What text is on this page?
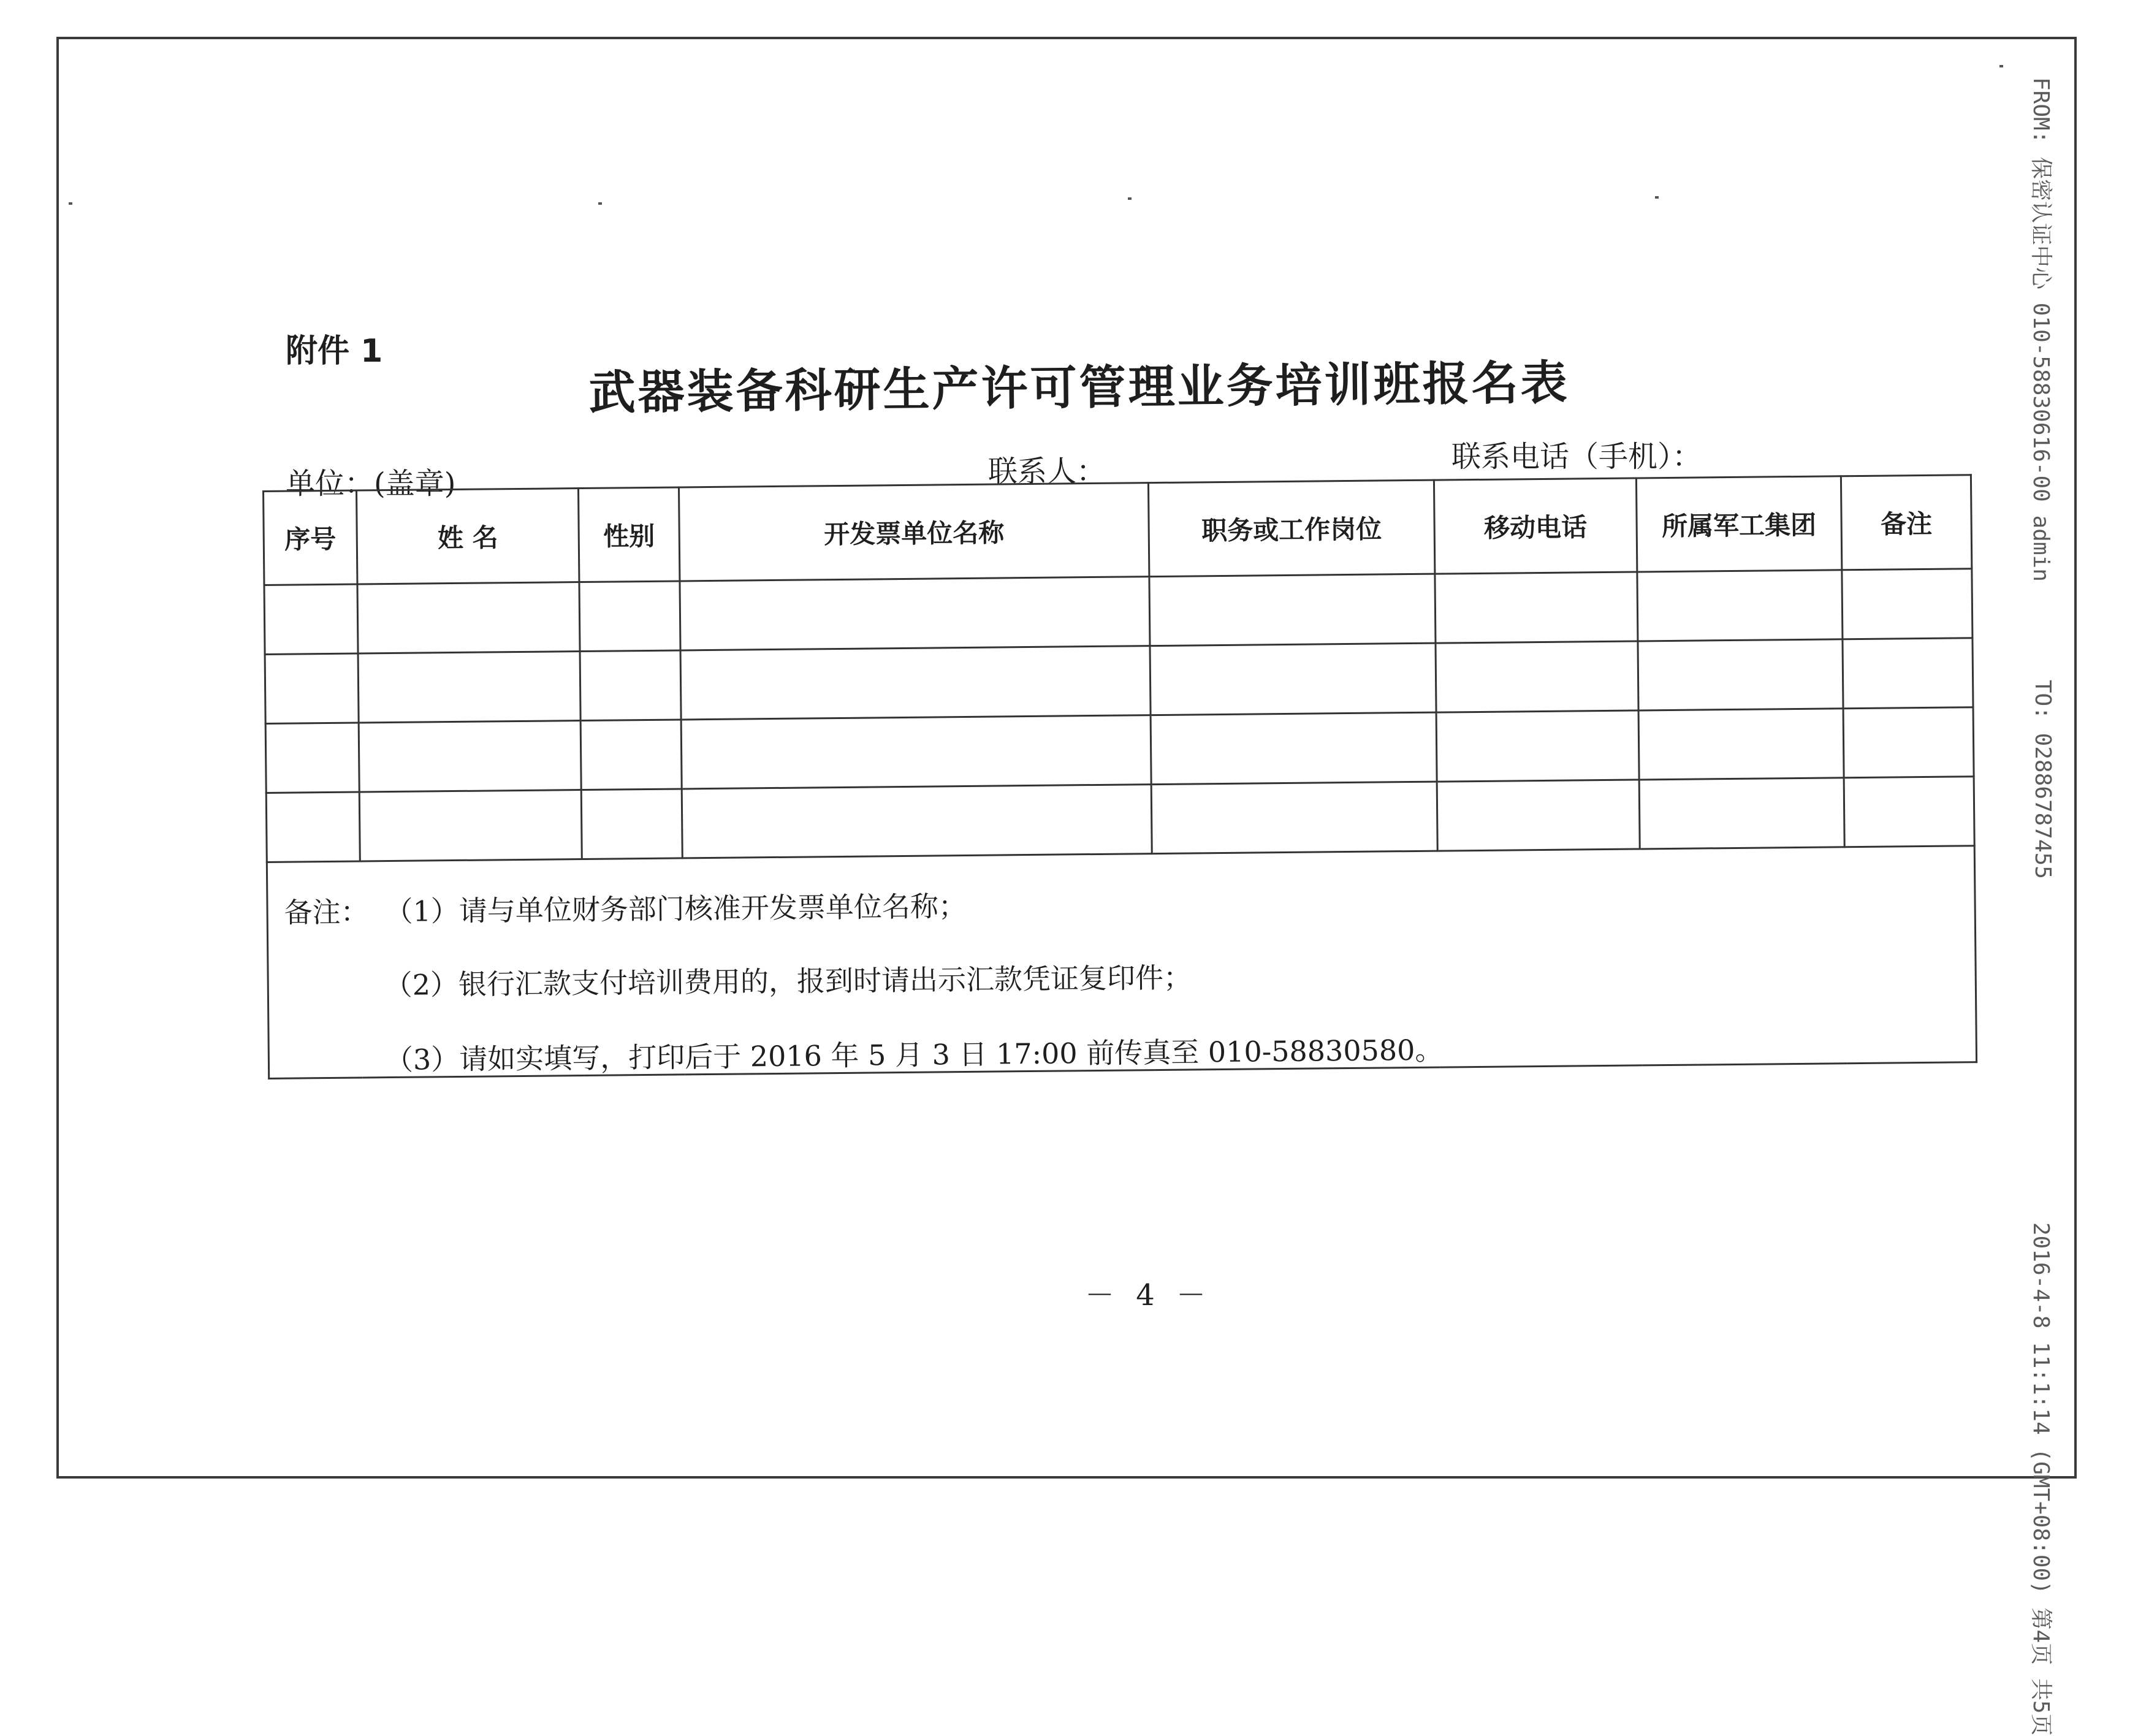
FROM: 保密认证中心 010-58830616-00 admin
TO: 02886787455
2016-4-8 11:1:14 (GMT+08:00) 第4页 共5页
附件 1
武器装备科研生产许可管理业务培训班报名表
单位：(盖章)	联系人：	联系电话（手机）：
序号	姓 名	性别	开发票单位名称	职务或工作岗位	移动电话	所属军工集团	备注

备注： （1）请与单位财务部门核准开发票单位名称；
（2）银行汇款支付培训费用的，报到时请出示汇款凭证复印件；
（3）请如实填写，打印后于 2016 年 5 月 3 日 17:00 前传真至 010-58830580。							
－ 4 －
